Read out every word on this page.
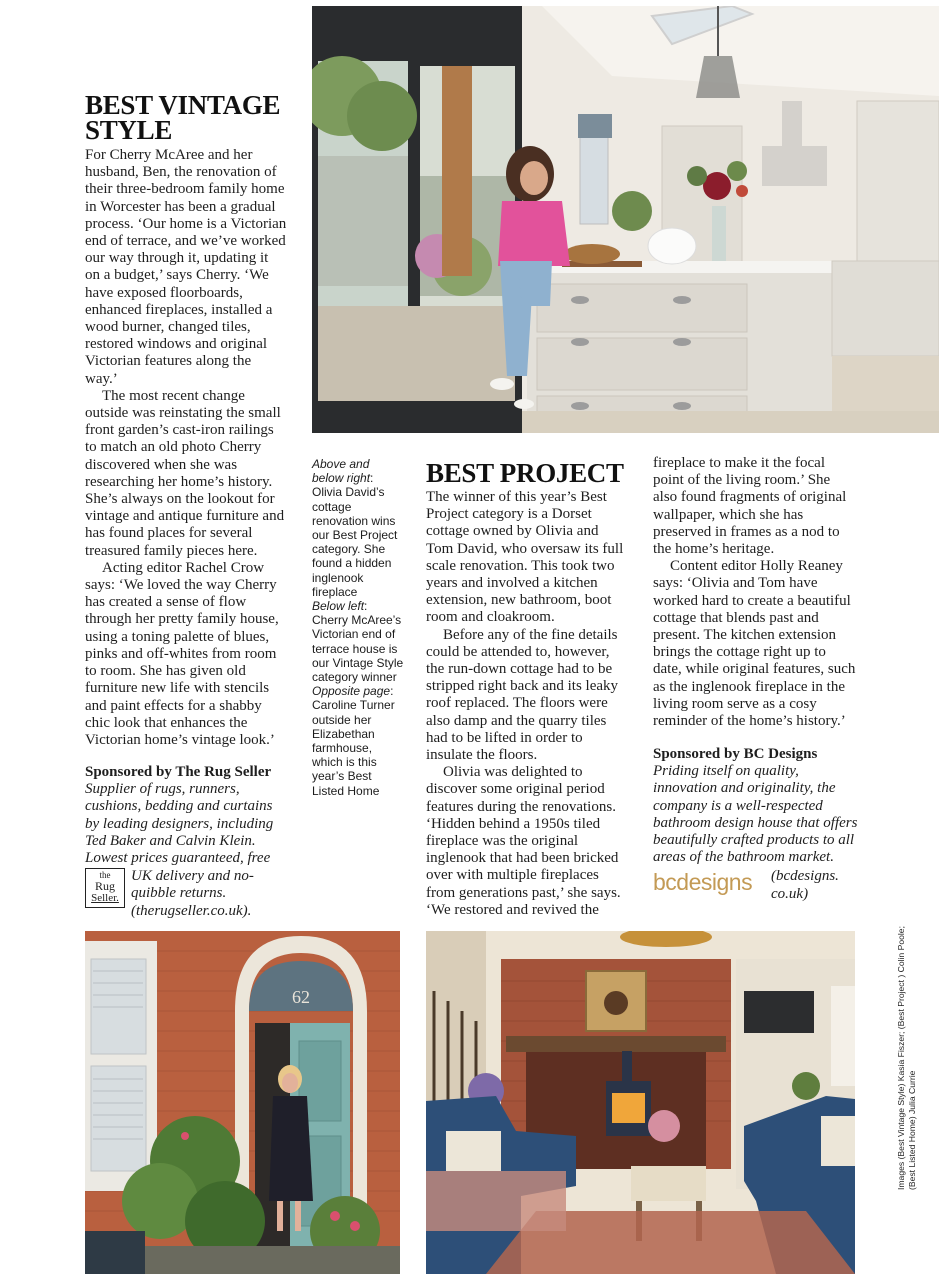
BEST VINTAGE STYLE

For Cherry McAree and her husband, Ben, the renovation of their three-bedroom family home in Worcester has been a gradual process. ‘Our home is a Victorian end of terrace, and we’ve worked our way through it, updating it on a budget,’ says Cherry. ‘We have exposed floorboards, enhanced fireplaces, installed a wood burner, changed tiles, restored windows and original Victorian features along the way.’

The most recent change outside was reinstating the small front garden’s cast-iron railings to match an old photo Cherry discovered when she was researching her home’s history. She’s always on the lookout for vintage and antique furniture and has found places for several treasured family pieces here.

Acting editor Rachel Crow says: ‘We loved the way Cherry has created a sense of flow through her pretty family house, using a toning palette of blues, pinks and off-whites from room to room. She has given old furniture new life with stencils and paint effects for a shabby chic look that enhances the Victorian home’s vintage look.’

Sponsored by The Rug Seller
Supplier of rugs, runners, cushions, bedding and curtains by leading designers, including Ted Baker and Calvin Klein. Lowest prices guaranteed, free
the
Rug
Seller.
UK delivery and no-quibble returns. (therugseller.co.uk).
Above and below right:
Olivia David’s cottage renovation wins our Best Project category. She found a hidden inglenook fireplace
Below left:
Cherry McAree’s Victorian end of terrace house is our Vintage Style category winner
Opposite page:
Caroline Turner outside her Elizabethan farmhouse, which is this year’s Best Listed Home
BEST PROJECT

The winner of this year’s Best Project category is a Dorset cottage owned by Olivia and Tom David, who oversaw its full scale renovation. This took two years and involved a kitchen extension, new bathroom, boot room and cloakroom.

Before any of the fine details could be attended to, however, the run-down cottage had to be stripped right back and its leaky roof replaced. The floors were also damp and the quarry tiles had to be lifted in order to insulate the floors.

Olivia was delighted to discover some original period features during the renovations. ‘Hidden behind a 1950s tiled fireplace was the original inglenook that had been bricked over with multiple fireplaces from generations past,’ she says. ‘We restored and revived the

fireplace to make it the focal point of the living room.’ She also found fragments of original wallpaper, which she has preserved in frames as a nod to the home’s heritage.

Content editor Holly Reaney says: ‘Olivia and Tom have worked hard to create a beautiful cottage that blends past and present. The kitchen extension brings the cottage right up to date, while original features, such as the inglenook fireplace in the living room serve as a cosy reminder of the home’s history.’

Sponsored by BC Designs
Priding itself on quality, innovation and originality, the company is a well-respected bathroom design house that offers beautifully crafted products to all areas of the bathroom market.
bcdesigns	(bcdesigns. co.uk)
Images (Best Vintage Style) Kasia Fiszer; (Best Project ) Colin Poole; (Best Listed Home) Julia Currie
62
